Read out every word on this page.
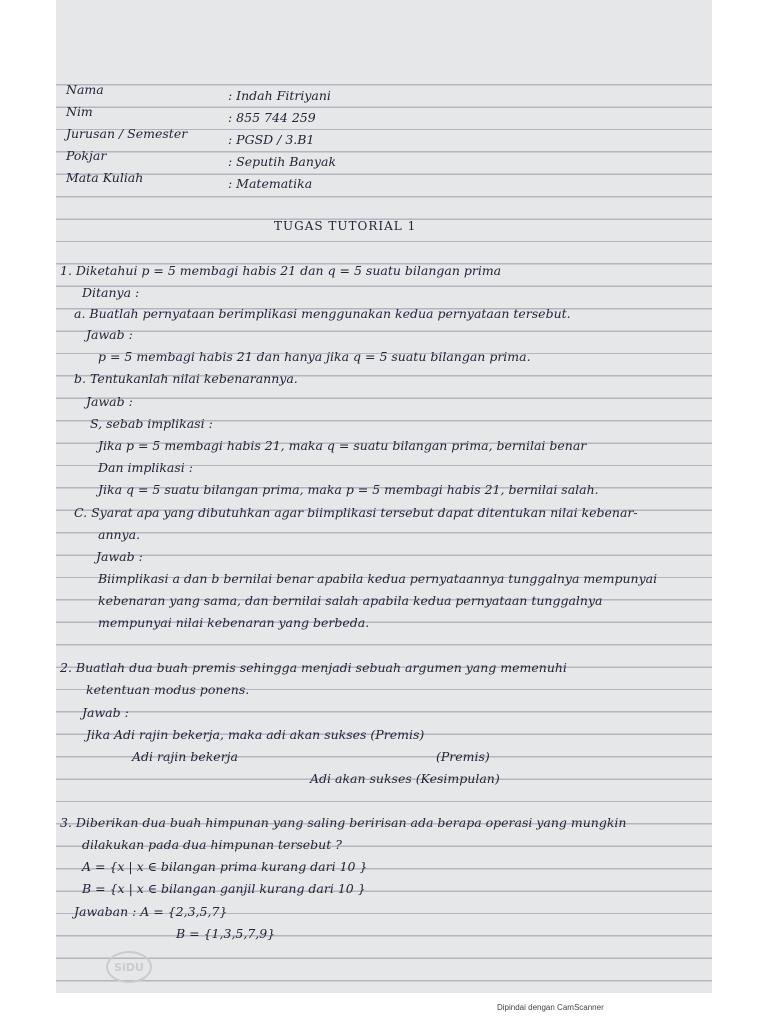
Nama	: Indah Fitriyani
Nim	: 855 744 259
Jurusan / Semester	: PGSD / 3.B1
Pokjar	: Seputih Banyak
Mata Kuliah	: Matematika
TUGAS TUTORIAL 1
1. Diketahui p = 5 membagi habis 21 dan q = 5 suatu bilangan prima
Ditanya :
a. Buatlah pernyataan berimplikasi menggunakan kedua pernyataan tersebut.
Jawab :
p = 5 membagi habis 21 dan hanya jika q = 5 suatu bilangan prima.
b. Tentukanlah nilai kebenarannya.
Jawab :
S, sebab implikasi :
Jika p = 5 membagi habis 21, maka q = suatu bilangan prima, bernilai benar
Dan implikasi :
Jika q = 5 suatu bilangan prima, maka p = 5 membagi habis 21, bernilai salah.
C. Syarat apa yang dibutuhkan agar biimplikasi tersebut dapat ditentukan nilai kebenar-
annya.
Jawab :
Biimplikasi a dan b bernilai benar apabila kedua pernyataannya tunggalnya mempunyai
kebenaran yang sama, dan bernilai salah apabila kedua pernyataan tunggalnya
mempunyai nilai kebenaran yang berbeda.
2. Buatlah dua buah premis sehingga menjadi sebuah argumen yang memenuhi
ketentuan modus ponens.
Jawab :
Jika Adi rajin bekerja, maka adi akan sukses (Premis)
Adi rajin bekerja	(Premis)
Adi akan sukses (Kesimpulan)
3. Diberikan dua buah himpunan yang saling beririsan ada berapa operasi yang mungkin
dilakukan pada dua himpunan tersebut ?
A = {x | x ∈ bilangan prima kurang dari 10 }
B = {x | x ∈ bilangan ganjil kurang dari 10 }
Jawaban : A = {2,3,5,7}
B = {1,3,5,7,9}
SiDU
Dipindai dengan CamScanner
